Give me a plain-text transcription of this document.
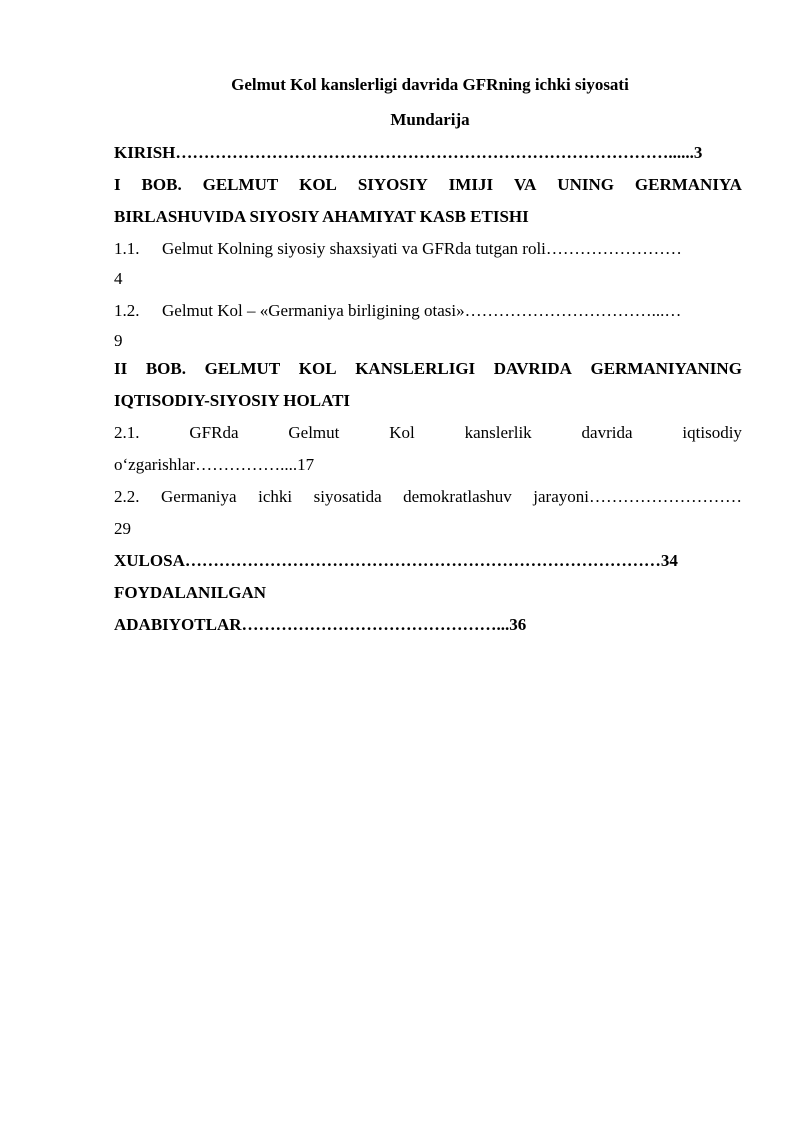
Gelmut Kol kanslerligi davrida GFRning ichki siyosati

Mundarija

KIRISH……………………………………………………………………………......3
I BOB. GELMUT KOL SIYOSIY IMIJI VA UNING GERMANIYA
BIRLASHUVIDA SIYOSIY AHAMIYAT KASB ETISHI
1.1. Gelmut Kolning siyosiy shaxsiyati va GFRda tutgan roli……………………
4
1.2. Gelmut Kol – «Germaniya birligining otasi»……………………………...…
9
II BOB. GELMUT KOL KANSLERLIGI DAVRIDA GERMANIYANING
IQTISODIY-SIYOSIY HOLATI
2.1.	GFRda	Gelmut	Kol	kanslerlik	davrida	iqtisodiy
o‘zgarishlar……………....17
2.2. Germaniya ichki siyosatida demokratlashuv jarayoni………………………
29
XULOSA…………………………………………………………………………34
FOYDALANILGAN
ADABIYOTLAR………………………………………...36
